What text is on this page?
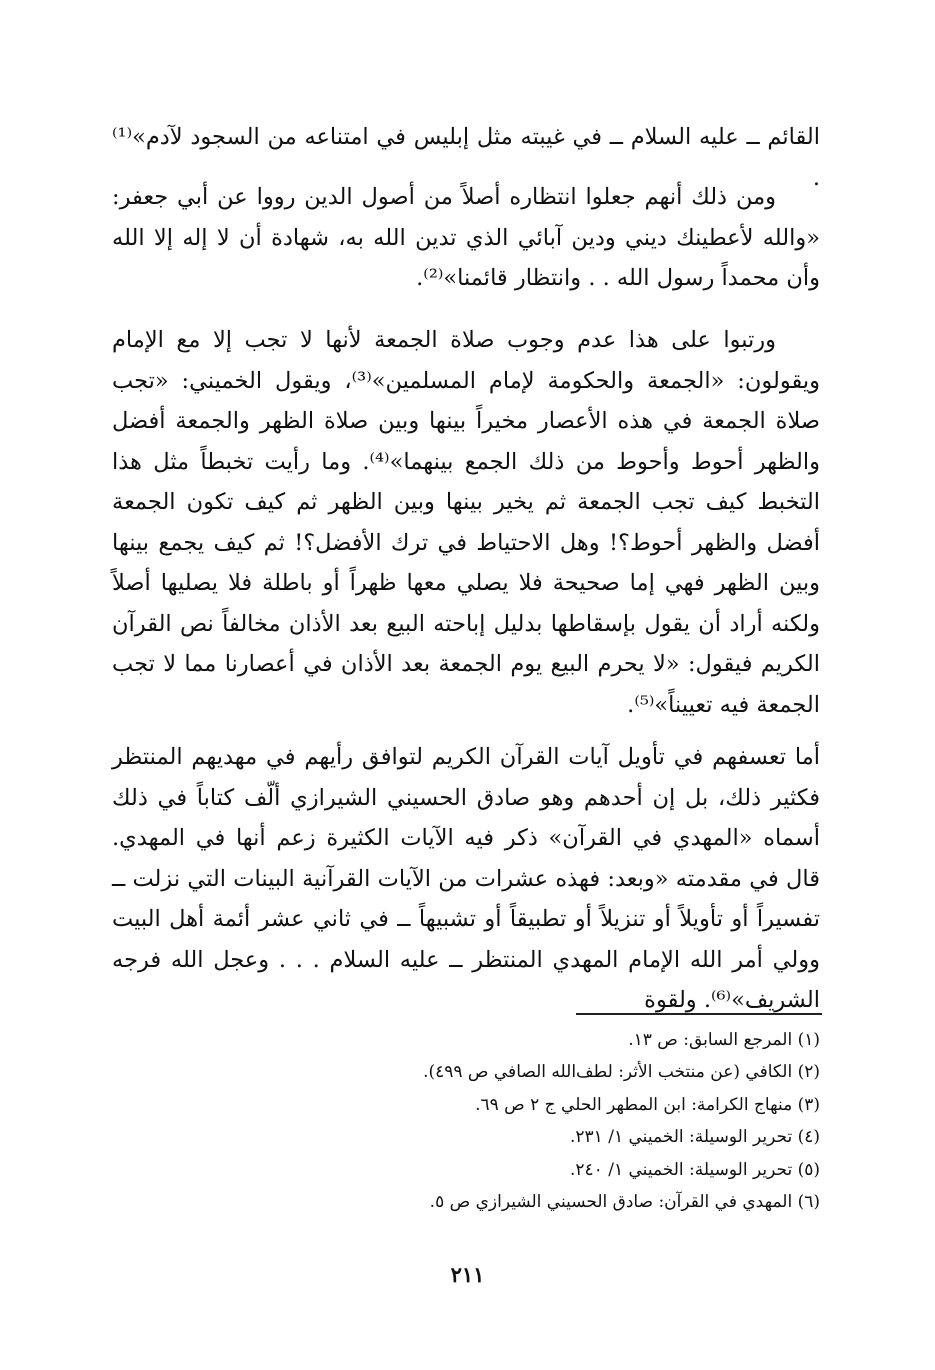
القائم ــ عليه السلام ــ في غيبته مثل إبليس في امتناعه من السجود لآدم»⁽¹⁾ .

ومن ذلك أنهم جعلوا انتظاره أصلاً من أصول الدين رووا عن أبي جعفر: «والله لأعطينك ديني ودين آبائي الذي تدين الله به، شهادة أن لا إله إلا الله وأن محمداً رسول الله . . وانتظار قائمنا»⁽²⁾.

ورتبوا على هذا عدم وجوب صلاة الجمعة لأنها لا تجب إلا مع الإمام ويقولون: «الجمعة والحكومة لإمام المسلمين»⁽³⁾، ويقول الخميني: «تجب صلاة الجمعة في هذه الأعصار مخيراً بينها وبين صلاة الظهر والجمعة أفضل والظهر أحوط وأحوط من ذلك الجمع بينهما»⁽⁴⁾. وما رأيت تخبطاً مثل هذا التخبط كيف تجب الجمعة ثم يخير بينها وبين الظهر ثم كيف تكون الجمعة أفضل والظهر أحوط؟! وهل الاحتياط في ترك الأفضل؟! ثم كيف يجمع بينها وبين الظهر فهي إما صحيحة فلا يصلي معها ظهراً أو باطلة فلا يصليها أصلاً ولكنه أراد أن يقول بإسقاطها بدليل إباحته البيع بعد الأذان مخالفاً نص القرآن الكريم فيقول: «لا يحرم البيع يوم الجمعة بعد الأذان في أعصارنا مما لا تجب الجمعة فيه تعييناً»⁽⁵⁾.

أما تعسفهم في تأويل آيات القرآن الكريم لتوافق رأيهم في مهديهم المنتظر فكثير ذلك، بل إن أحدهم وهو صادق الحسيني الشيرازي ألّف كتاباً في ذلك أسماه «المهدي في القرآن» ذكر فيه الآيات الكثيرة زعم أنها في المهدي. قال في مقدمته «وبعد: فهذه عشرات من الآيات القرآنية البينات التي نزلت ــ تفسيراً أو تأويلاً أو تنزيلاً أو تطبيقاً أو تشبيهاً ــ في ثاني عشر أئمة أهل البيت وولي أمر الله الإمام المهدي المنتظر ــ عليه السلام . . . وعجل الله فرجه الشريف»⁽⁶⁾. ولقوة

(١) المرجع السابق: ص ١٣.
(٢) الكافي (عن منتخب الأثر: لطف‌الله الصافي ص ٤٩٩).
(٣) منهاج الكرامة: ابن المطهر الحلي ج ٢ ص ٦٩.
(٤) تحرير الوسيلة: الخميني ١/ ٢٣١.
(٥) تحرير الوسيلة: الخميني ١/ ٢٤٠.
(٦) المهدي في القرآن: صادق الحسيني الشيرازي ص ٥.
٢١١
